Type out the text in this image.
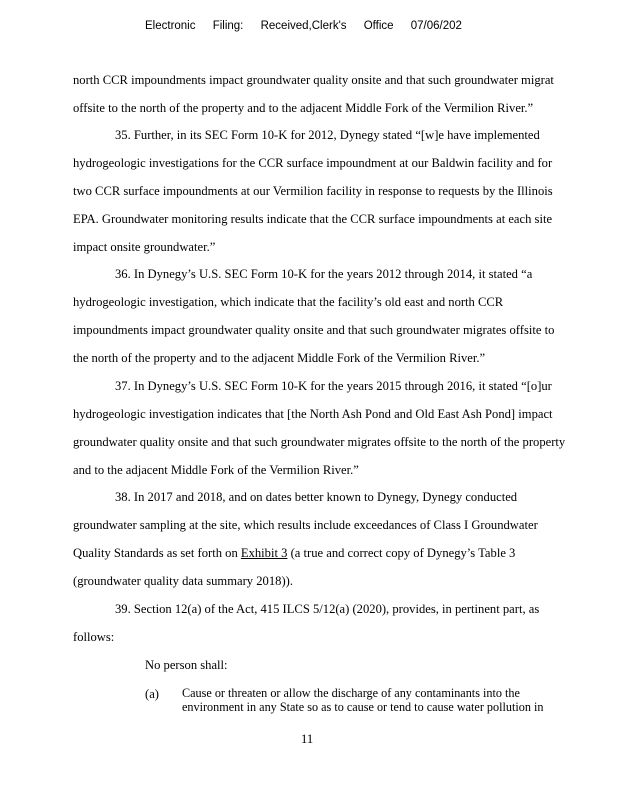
Electronic Filing: Received,Clerk's Office 07/06/202
north CCR impoundments impact groundwater quality onsite and that such groundwater migrat
offsite to the north of the property and to the adjacent Middle Fork of the Vermilion River.”
35. Further, in its SEC Form 10-K for 2012, Dynegy stated “[w]e have implemented
hydrogeologic investigations for the CCR surface impoundment at our Baldwin facility and for
two CCR surface impoundments at our Vermilion facility in response to requests by the Illinois
EPA. Groundwater monitoring results indicate that the CCR surface impoundments at each site
impact onsite groundwater.”
36. In Dynegy’s U.S. SEC Form 10-K for the years 2012 through 2014, it stated “a
hydrogeologic investigation, which indicate that the facility’s old east and north CCR
impoundments impact groundwater quality onsite and that such groundwater migrates offsite to
the north of the property and to the adjacent Middle Fork of the Vermilion River.”
37. In Dynegy’s U.S. SEC Form 10-K for the years 2015 through 2016, it stated “[o]ur
hydrogeologic investigation indicates that [the North Ash Pond and Old East Ash Pond] impact
groundwater quality onsite and that such groundwater migrates offsite to the north of the property
and to the adjacent Middle Fork of the Vermilion River.”
38. In 2017 and 2018, and on dates better known to Dynegy, Dynegy conducted
groundwater sampling at the site, which results include exceedances of Class I Groundwater
Quality Standards as set forth on Exhibit 3 (a true and correct copy of Dynegy’s Table 3
(groundwater quality data summary 2018)).
39. Section 12(a) of the Act, 415 ILCS 5/12(a) (2020), provides, in pertinent part, as
follows:
No person shall:
(a) Cause or threaten or allow the discharge of any contaminants into the
environment in any State so as to cause or tend to cause water pollution in
11
